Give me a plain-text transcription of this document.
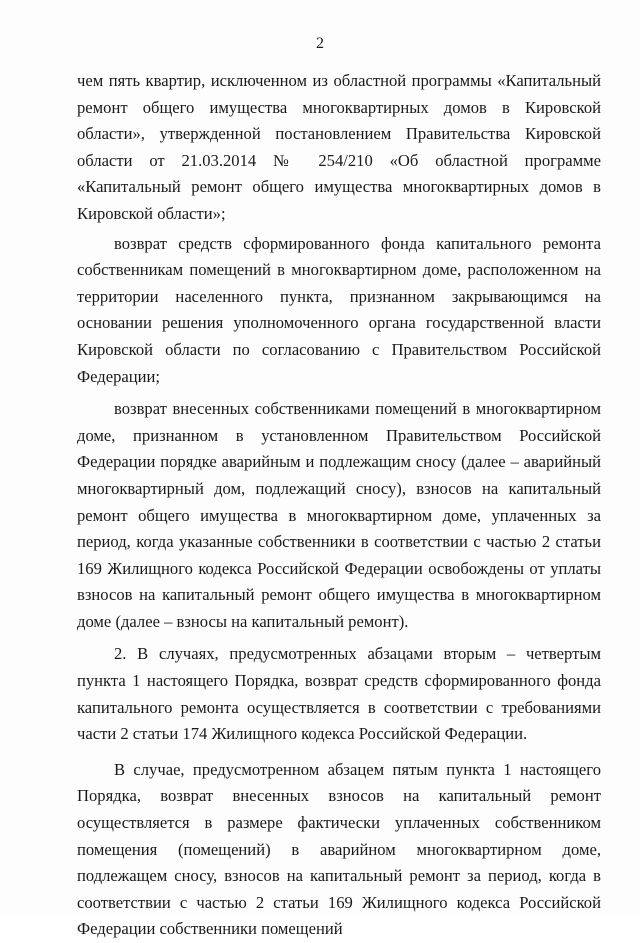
2

чем пять квартир, исключенном из областной программы «Капитальный ремонт общего имущества многоквартирных домов в Кировской области», утвержденной постановлением Правительства Кировской области от 21.03.2014 № 254/210 «Об областной программе «Капитальный ремонт общего имущества многоквартирных домов в Кировской области»;

возврат средств сформированного фонда капитального ремонта собственникам помещений в многоквартирном доме, расположенном на территории населенного пункта, признанном закрывающимся на основании решения уполномоченного органа государственной власти Кировской области по согласованию с Правительством Российской Федерации;

возврат внесенных собственниками помещений в многоквартирном доме, признанном в установленном Правительством Российской Федерации порядке аварийным и подлежащим сносу (далее – аварийный многоквартирный дом, подлежащий сносу), взносов на капитальный ремонт общего имущества в многоквартирном доме, уплаченных за период, когда указанные собственники в соответствии с частью 2 статьи 169 Жилищного кодекса Российской Федерации освобождены от уплаты взносов на капитальный ремонт общего имущества в многоквартирном доме (далее – взносы на капитальный ремонт).

2. В случаях, предусмотренных абзацами вторым – четвертым пункта 1 настоящего Порядка, возврат средств сформированного фонда капитального ремонта осуществляется в соответствии с требованиями части 2 статьи 174 Жилищного кодекса Российской Федерации.

В случае, предусмотренном абзацем пятым пункта 1 настоящего Порядка, возврат внесенных взносов на капитальный ремонт осуществляется в размере фактически уплаченных собственником помещения (помещений) в аварийном многоквартирном доме, подлежащем сносу, взносов на капитальный ремонт за период, когда в соответствии с частью 2 статьи 169 Жилищного кодекса Российской Федерации собственники помещений
